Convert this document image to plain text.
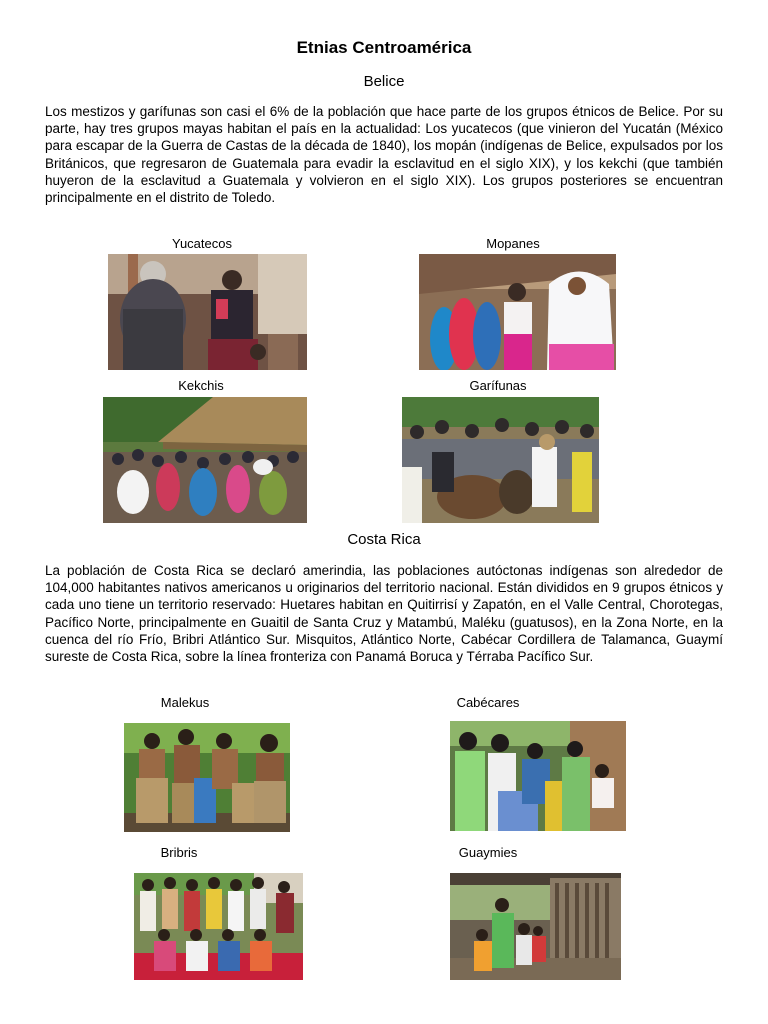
Etnias Centroamérica
Belice
Los mestizos y garífunas son casi el 6% de la población que hace parte de los grupos étnicos de Belice. Por su parte, hay tres grupos mayas habitan el país en la actualidad: Los yucatecos (que vinieron del Yucatán (México para escapar de la Guerra de Castas de la década de 1840), los mopán (indígenas de Belice, expulsados por los Británicos, que regresaron de Guatemala para evadir la esclavitud en el siglo XIX), y los kekchi (que también huyeron de la esclavitud a Guatemala y volvieron en el siglo XIX). Los grupos posteriores se encuentran principalmente en el distrito de Toledo.
Yucatecos	Mopanes
Kekchis	Garífunas
Costa Rica
La población de Costa Rica se declaró amerindia, las poblaciones autóctonas indígenas son alrededor de 104,000 habitantes nativos americanos u originarios del territorio nacional. Están divididos en 9 grupos étnicos y cada uno tiene un territorio reservado: Huetares habitan en Quitirrisí y Zapatón, en el Valle Central, Chorotegas, Pacífico Norte, principalmente en Guaitil de Santa Cruz y Matambú, Maléku (guatusos), en la Zona Norte, en la cuenca del río Frío, Bribri Atlántico Sur. Misquitos, Atlántico Norte, Cabécar Cordillera de Talamanca, Guaymí sureste de Costa Rica, sobre la línea fronteriza con Panamá Boruca y Térraba Pacífico Sur.
Malekus	Cabécares
Bribris	Guaymies
